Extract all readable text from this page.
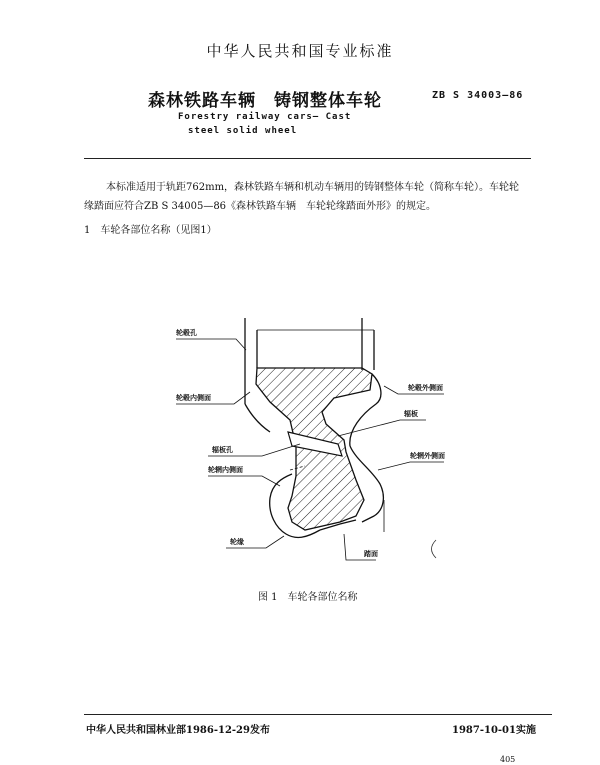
中华人民共和国专业标准
森林铁路车辆　铸钢整体车轮	ZB S 34003—86
Forestry railway cars— Cast
steel solid wheel
本标准适用于轨距762mm，森林铁路车辆和机动车辆用的铸钢整体车轮（简称车轮）。车轮轮缘踏面应符合ZB S 34005—86《森林铁路车辆　车轮轮缘踏面外形》的规定。
1　车轮各部位名称（见图1）
轮毂孔
轮毂内侧面
轮毂外侧面
辐板
辐板孔
轮辋外侧面
轮辋内侧面
轮缘
踏面
图 1　车轮各部位名称
中华人民共和国林业部1986-12-29发布	1987-10-01实施
405
